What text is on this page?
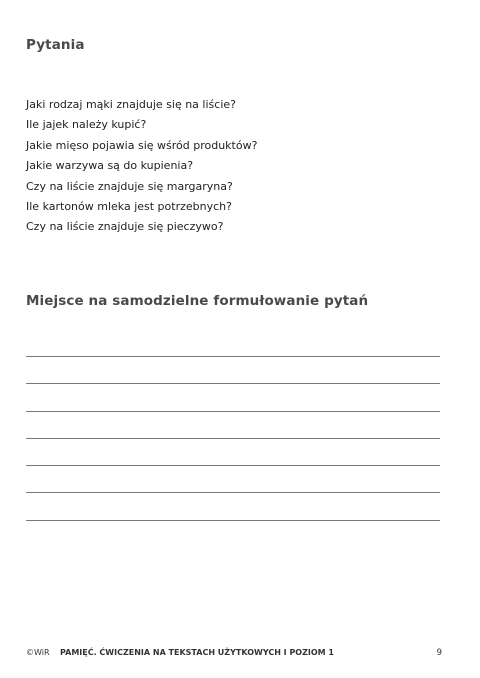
Pytania
Jaki rodzaj mąki znajduje się na liście?
Ile jajek należy kupić?
Jakie mięso pojawia się wśród produktów?
Jakie warzywa są do kupienia?
Czy na liście znajduje się margaryna?
Ile kartonów mleka jest potrzebnych?
Czy na liście znajduje się pieczywo?
Miejsce na samodzielne formułowanie pytań
©WiR PAMIĘĆ. ĆWICZENIA NA TEKSTACH UŻYTKOWYCH I POZIOM 1	9
